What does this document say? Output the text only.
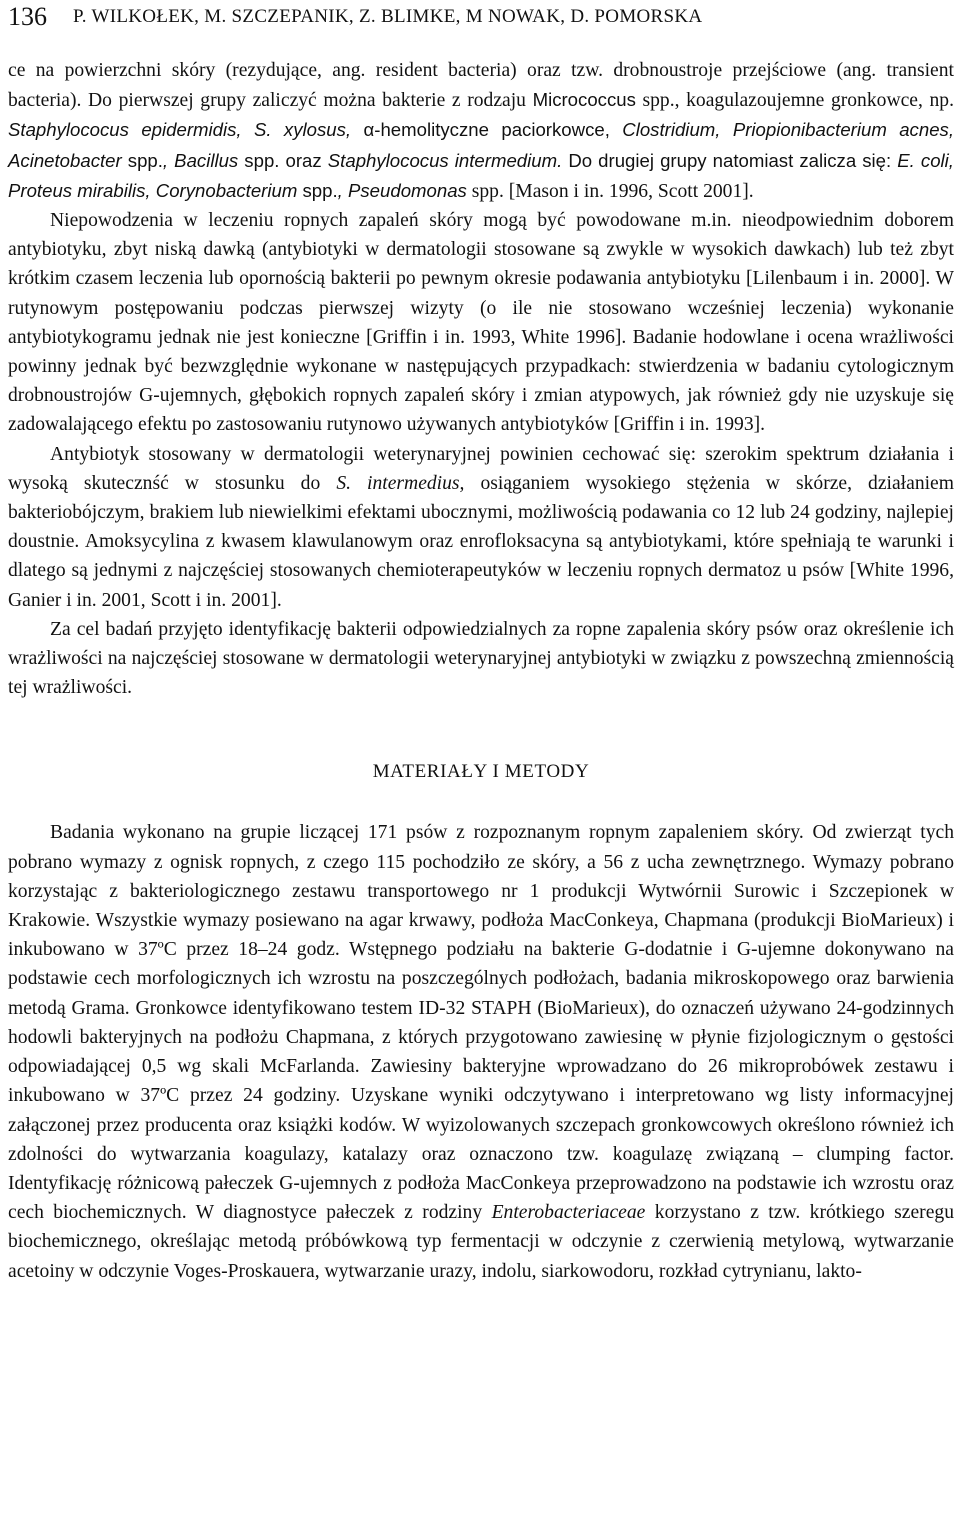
136 P. WILKOŁEK, M. SZCZEPANIK, Z. BLIMKE, M NOWAK, D. POMORSKA

ce na powierzchni skóry (rezydujące, ang. resident bacteria) oraz tzw. drobnoustroje przejściowe (ang. transient bacteria). Do pierwszej grupy zaliczyć można bakterie z rodzaju Micrococcus spp., koagulazoujemne gronkowce, np. Staphylococus epidermidis, S. xylosus, α-hemolityczne paciorkowce, Clostridium, Priopionibacterium acnes, Acinetobacter spp., Bacillus spp. oraz Staphylococus intermedium. Do drugiej grupy natomiast zalicza się: E. coli, Proteus mirabilis, Corynobacterium spp., Pseudomonas spp. [Mason i in. 1996, Scott 2001].

Niepowodzenia w leczeniu ropnych zapaleń skóry mogą być powodowane m.in. nieodpowiednim doborem antybiotyku, zbyt niską dawką (antybiotyki w dermatologii stosowane są zwykle w wysokich dawkach) lub też zbyt krótkim czasem leczenia lub opornością bakterii po pewnym okresie podawania antybiotyku [Lilenbaum i in. 2000]. W rutynowym postępowaniu podczas pierwszej wizyty (o ile nie stosowano wcześniej leczenia) wykonanie antybiotykogramu jednak nie jest konieczne [Griffin i in. 1993, White 1996]. Badanie hodowlane i ocena wrażliwości powinny jednak być bezwzględnie wykonane w następujących przypadkach: stwierdzenia w badaniu cytologicznym drobnoustrojów G-ujemnych, głębokich ropnych zapaleń skóry i zmian atypowych, jak również gdy nie uzyskuje się zadowalającego efektu po zastosowaniu rutynowo używanych antybiotyków [Griffin i in. 1993].

Antybiotyk stosowany w dermatologii weterynaryjnej powinien cechować się: szerokim spektrum działania i wysoką skutecznść w stosunku do S. intermedius, osiąganiem wysokiego stężenia w skórze, działaniem bakteriobójczym, brakiem lub niewielkimi efektami ubocznymi, możliwością podawania co 12 lub 24 godziny, najlepiej doustnie. Amoksycylina z kwasem klawulanowym oraz enrofloksacyna są antybiotykami, które spełniają te warunki i dlatego są jednymi z najczęściej stosowanych chemioterapeutyków w leczeniu ropnych dermatoz u psów [White 1996, Ganier i in. 2001, Scott i in. 2001].

Za cel badań przyjęto identyfikację bakterii odpowiedzialnych za ropne zapalenia skóry psów oraz określenie ich wrażliwości na najczęściej stosowane w dermatologii weterynaryjnej antybiotyki w związku z powszechną zmiennością tej wrażliwości.

MATERIAŁY I METODY

Badania wykonano na grupie liczącej 171 psów z rozpoznanym ropnym zapaleniem skóry. Od zwierząt tych pobrano wymazy z ognisk ropnych, z czego 115 pochodziło ze skóry, a 56 z ucha zewnętrznego. Wymazy pobrano korzystając z bakteriologicznego zestawu transportowego nr 1 produkcji Wytwórnii Surowic i Szczepionek w Krakowie. Wszystkie wymazy posiewano na agar krwawy, podłoża MacConkeya, Chapmana (produkcji BioMarieux) i inkubowano w 37ºC przez 18–24 godz. Wstępnego podziału na bakterie G-dodatnie i G-ujemne dokonywano na podstawie cech morfologicznych ich wzrostu na poszczególnych podłożach, badania mikroskopowego oraz barwienia metodą Grama. Gronkowce identyfikowano testem ID-32 STAPH (BioMarieux), do oznaczeń używano 24-godzinnych hodowli bakteryjnych na podłożu Chapmana, z których przygotowano zawiesinę w płynie fizjologicznym o gęstości odpowiadającej 0,5 wg skali McFarlanda. Zawiesiny bakteryjne wprowadzano do 26 mikroprobówek zestawu i inkubowano w 37ºC przez 24 godziny. Uzyskane wyniki odczytywano i interpretowano wg listy informacyjnej załączonej przez producenta oraz książki kodów. W wyizolowanych szczepach gronkowcowych określono również ich zdolności do wytwarzania koagulazy, katalazy oraz oznaczono tzw. koagulazę związaną – clumping factor. Identyfikację różnicową pałeczek G-ujemnych z podłoża MacConkeya przeprowadzono na podstawie ich wzrostu oraz cech biochemicznych. W diagnostyce pałeczek z rodziny Enterobacteriaceae korzystano z tzw. krótkiego szeregu biochemicznego, określając metodą próbówkową typ fermentacji w odczynie z czerwienią metylową, wytwarzanie acetoiny w odczynie Voges-Proskauera, wytwarzanie urazy, indolu, siarkowodoru, rozkład cytrynianu, lakto-
